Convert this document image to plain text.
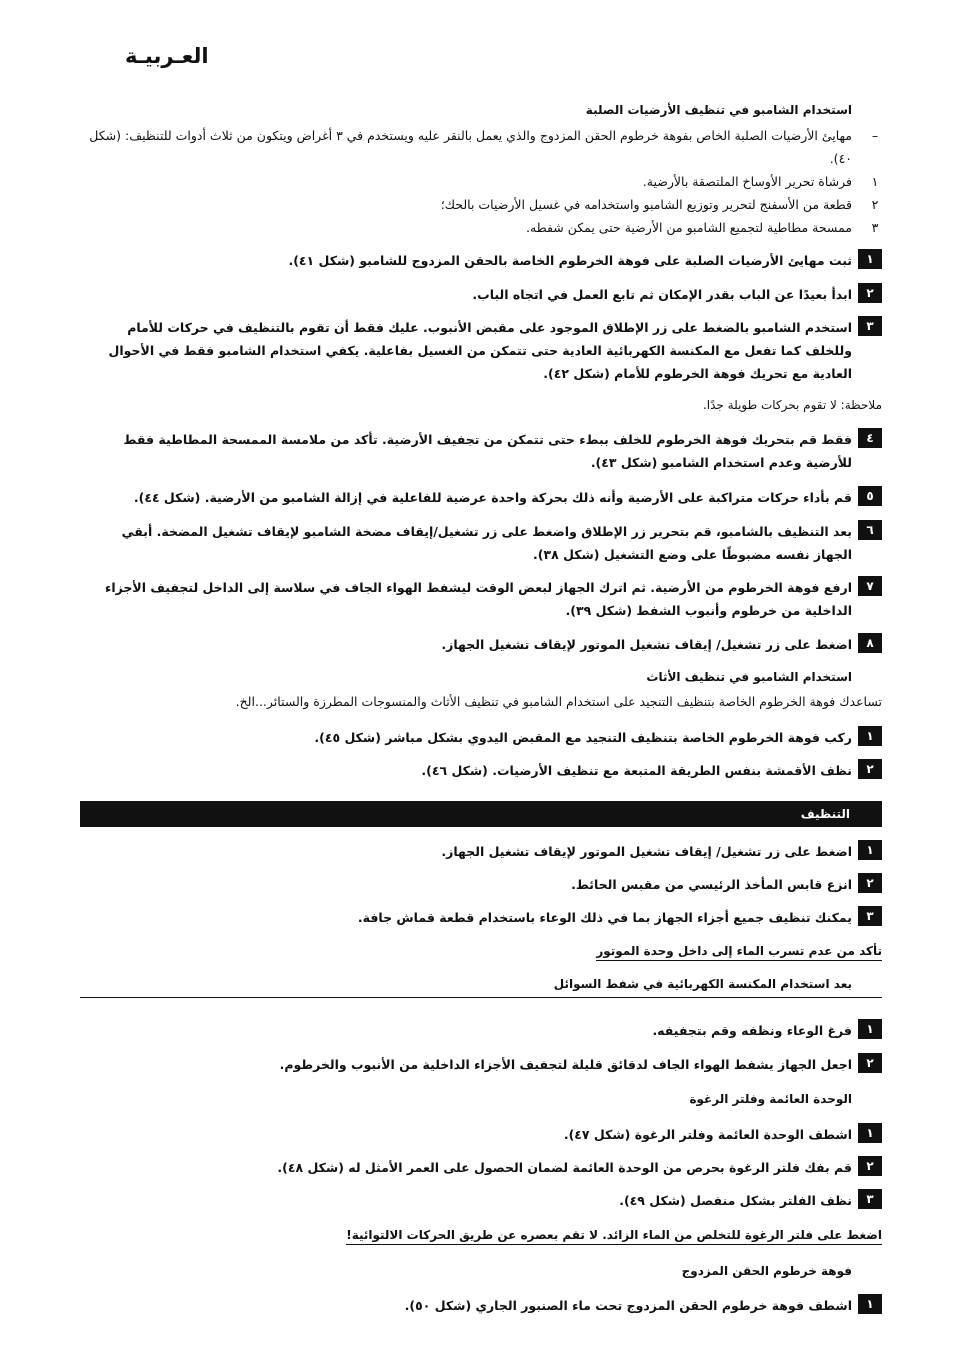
العـربيـة
استخدام الشامبو في تنظيف الأرضيات الصلبة
–
مهايئ الأرضيات الصلبة الخاص بفوهة خرطوم الحقن المزدوج والذي يعمل بالنقر عليه ويستخدم في ٣ أغراض ويتكون من ثلاث أدوات للتنظيف: (شكل ٤٠).
١
فرشاة تحرير الأوساخ الملتصقة بالأرضية.
٢
قطعة من الأسفنج لتحرير وتوزيع الشامبو واستخدامه في غسيل الأرضيات بالحك؛
٣
ممسحة مطاطية لتجميع الشامبو من الأرضية حتى يمكن شفطه.
١
ثبت مهايئ الأرضيات الصلبة على فوهة الخرطوم الخاصة بالحقن المزدوج للشامبو (شكل ٤١).
٢
ابدأ بعيدًا عن الباب بقدر الإمكان ثم تابع العمل في اتجاه الباب.
٣
استخدم الشامبو بالضغط على زر الإطلاق الموجود على مقبض الأنبوب. عليك فقط أن تقوم بالتنظيف في حركات للأمام وللخلف كما تفعل مع المكنسة الكهربائية العادية حتى تتمكن من الغسيل بفاعلية. يكفي استخدام الشامبو فقط في الأحوال العادية مع تحريك فوهة الخرطوم للأمام (شكل ٤٢).
ملاحظة: لا تقوم بحركات طويلة جدًا.
٤
فقط قم بتحريك فوهة الخرطوم للخلف ببطء حتى تتمكن من تجفيف الأرضية. تأكد من ملامسة الممسحة المطاطية فقط للأرضية وعدم استخدام الشامبو (شكل ٤٣).
٥
قم بأداء حركات متراكبة على الأرضية وأنه ذلك بحركة واحدة عرضية للفاعلية في إزالة الشامبو من الأرضية. (شكل ٤٤).
٦
بعد التنظيف بالشامبو، قم بتحرير زر الإطلاق واضغط على زر تشغيل/إيقاف مضخة الشامبو لإيقاف تشغيل المضخة. أبقي الجهاز نفسه مضبوطًا على وضع التشغيل (شكل ٣٨).
٧
ارفع فوهة الخرطوم من الأرضية. ثم اترك الجهاز لبعض الوقت ليشفط الهواء الجاف في سلاسة إلى الداخل لتجفيف الأجزاء الداخلية من خرطوم وأنبوب الشفط (شكل ٣٩).
٨
اضغط على زر تشغيل/ إيقاف تشغيل الموتور لإيقاف تشغيل الجهاز.
استخدام الشامبو في تنظيف الأثاث
تساعدك فوهة الخرطوم الخاصة بتنظيف التنجيد على استخدام الشامبو في تنظيف الأثاث والمنسوجات المطرزة والستائر...الخ.
١
ركب فوهة الخرطوم الخاصة بتنظيف التنجيد مع المقبض اليدوي بشكل مباشر (شكل ٤٥).
٢
نظف الأقمشة بنفس الطريقة المتبعة مع تنظيف الأرضيات. (شكل ٤٦).
التنظيف
١
اضغط على زر تشغيل/ إيقاف تشغيل الموتور لإيقاف تشغيل الجهاز.
٢
انزع قابس المأخذ الرئيسي من مقبس الحائط.
٣
يمكنك تنظيف جميع أجزاء الجهاز بما في ذلك الوعاء باستخدام قطعة قماش جافة.
تأكد من عدم تسرب الماء إلى داخل وحدة الموتور
بعد استخدام المكنسة الكهربائية في شفط السوائل
١
فرغ الوعاء ونظفه وقم بتجفيفه.
٢
اجعل الجهاز يشفط الهواء الجاف لدقائق قليلة لتجفيف الأجزاء الداخلية من الأنبوب والخرطوم.
الوحدة العائمة وفلتر الرغوة
١
اشطف الوحدة العائمة وفلتر الرغوة (شكل ٤٧).
٢
قم بفك فلتر الرغوة بحرص من الوحدة العائمة لضمان الحصول على العمر الأمثل له (شكل ٤٨).
٣
نظف الفلتر بشكل منفصل (شكل ٤٩).
اضغط على فلتر الرغوة للتخلص من الماء الزائد. لا تقم بعصره عن طريق الحركات الالتوائية!
فوهة خرطوم الحقن المزدوج
١
اشطف فوهة خرطوم الحقن المزدوج تحت ماء الصنبور الجاري (شكل ٥٠).
